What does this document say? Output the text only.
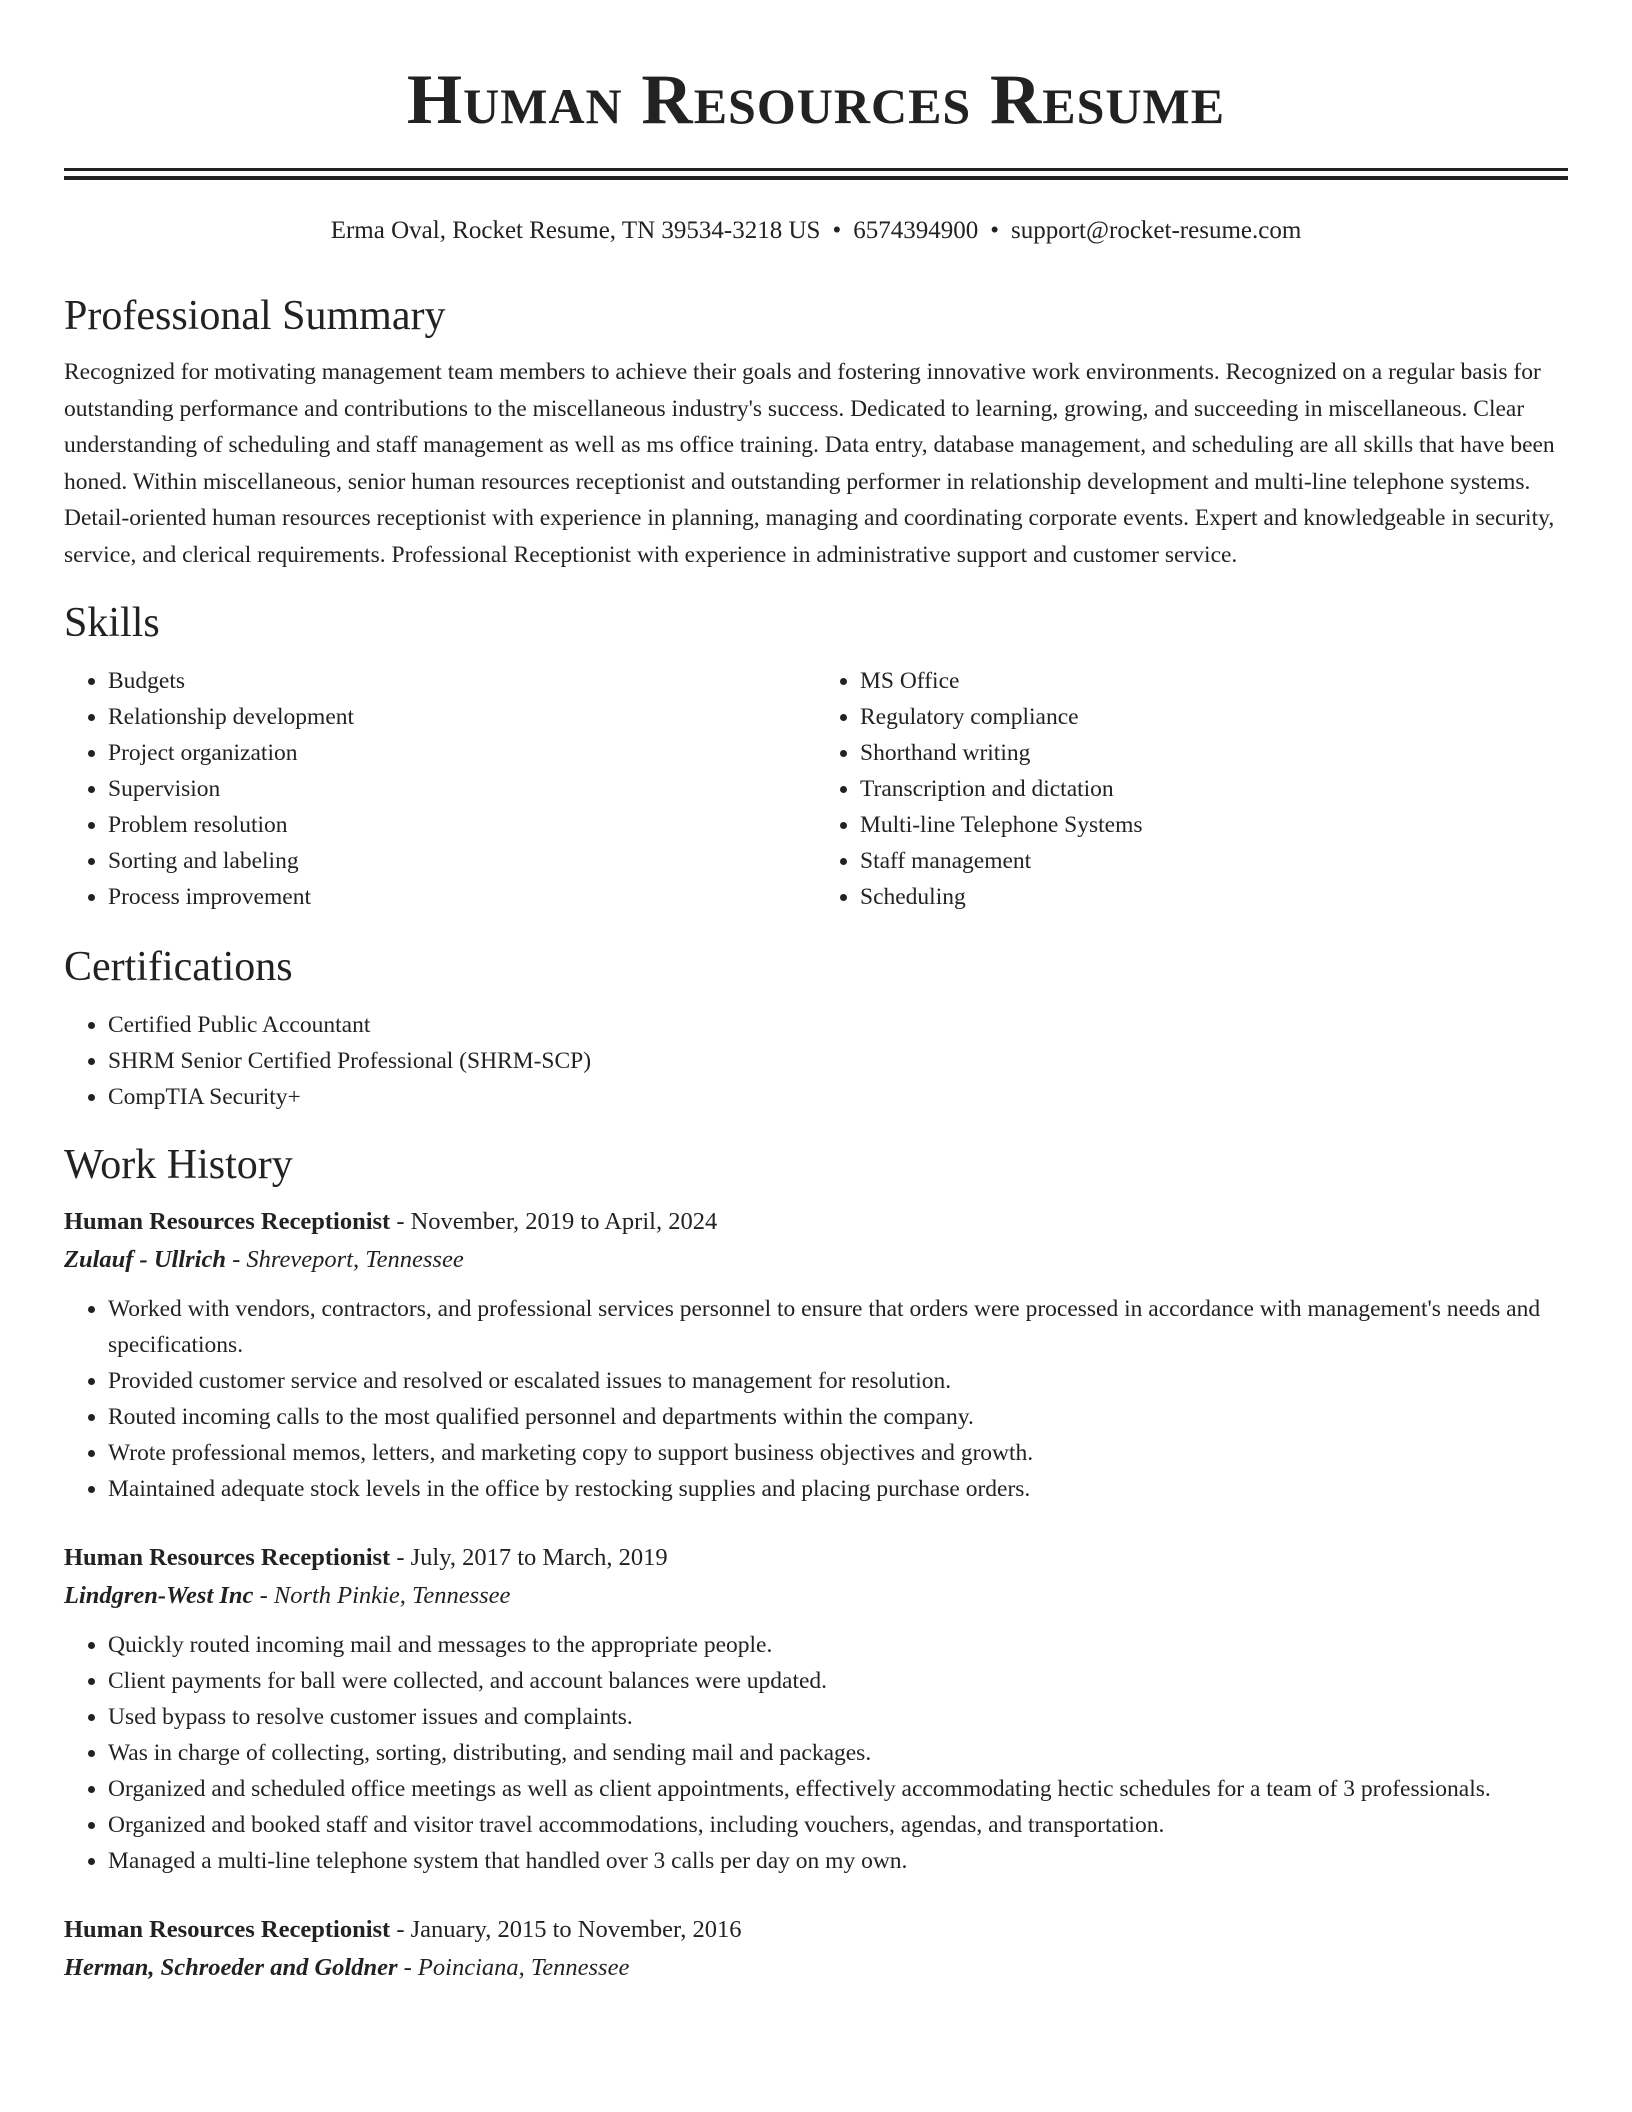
Human Resources Resume

Erma Oval, Rocket Resume, TN 39534-3218 US • 6574394900 • support@rocket-resume.com

Professional Summary

Recognized for motivating management team members to achieve their goals and fostering innovative work environments. Recognized on a regular basis for outstanding performance and contributions to the miscellaneous industry's success. Dedicated to learning, growing, and succeeding in miscellaneous. Clear understanding of scheduling and staff management as well as ms office training. Data entry, database management, and scheduling are all skills that have been honed. Within miscellaneous, senior human resources receptionist and outstanding performer in relationship development and multi-line telephone systems. Detail-oriented human resources receptionist with experience in planning, managing and coordinating corporate events. Expert and knowledgeable in security, service, and clerical requirements. Professional Receptionist with experience in administrative support and customer service.

Skills
• Budgets
• Relationship development
• Project organization
• Supervision
• Problem resolution
• Sorting and labeling
• Process improvement
• MS Office
• Regulatory compliance
• Shorthand writing
• Transcription and dictation
• Multi-line Telephone Systems
• Staff management
• Scheduling
Certifications
• Certified Public Accountant
• SHRM Senior Certified Professional (SHRM-SCP)
• CompTIA Security+
Work History

Human Resources Receptionist - November, 2019 to April, 2024

Zulauf - Ullrich - Shreveport, Tennessee

• Worked with vendors, contractors, and professional services personnel to ensure that orders were processed in accordance with management's needs and specifications.
• Provided customer service and resolved or escalated issues to management for resolution.
• Routed incoming calls to the most qualified personnel and departments within the company.
• Wrote professional memos, letters, and marketing copy to support business objectives and growth.
• Maintained adequate stock levels in the office by restocking supplies and placing purchase orders.

Human Resources Receptionist - July, 2017 to March, 2019

Lindgren-West Inc - North Pinkie, Tennessee

• Quickly routed incoming mail and messages to the appropriate people.
• Client payments for ball were collected, and account balances were updated.
• Used bypass to resolve customer issues and complaints.
• Was in charge of collecting, sorting, distributing, and sending mail and packages.
• Organized and scheduled office meetings as well as client appointments, effectively accommodating hectic schedules for a team of 3 professionals.
• Organized and booked staff and visitor travel accommodations, including vouchers, agendas, and transportation.
• Managed a multi-line telephone system that handled over 3 calls per day on my own.

Human Resources Receptionist - January, 2015 to November, 2016

Herman, Schroeder and Goldner - Poinciana, Tennessee
